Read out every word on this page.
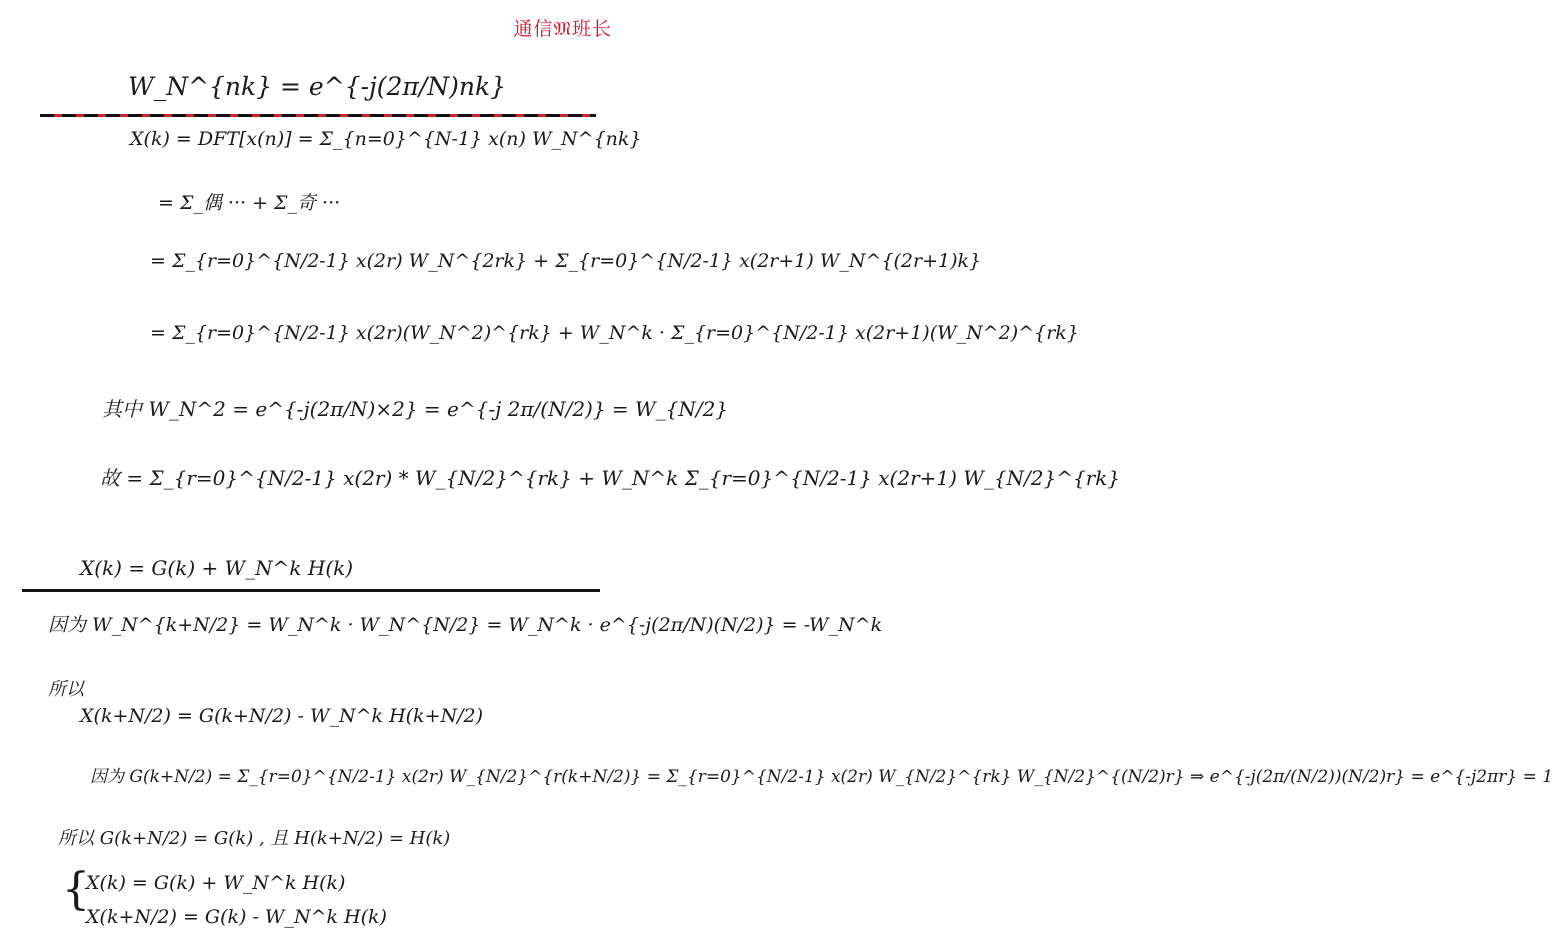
通信𝔐班长
W_N^{nk} = e^{-j(2π/N)nk}
X(k) = DFT[x(n)] = Σ_{n=0}^{N-1} x(n) W_N^{nk}
= Σ_偶 ··· + Σ_奇 ···
= Σ_{r=0}^{N/2-1} x(2r) W_N^{2rk} + Σ_{r=0}^{N/2-1} x(2r+1) W_N^{(2r+1)k}
= Σ_{r=0}^{N/2-1} x(2r)(W_N^2)^{rk} + W_N^k · Σ_{r=0}^{N/2-1} x(2r+1)(W_N^2)^{rk}
其中 W_N^2 = e^{-j(2π/N)×2} = e^{-j 2π/(N/2)} = W_{N/2}
故 = Σ_{r=0}^{N/2-1} x(2r) * W_{N/2}^{rk} + W_N^k Σ_{r=0}^{N/2-1} x(2r+1) W_{N/2}^{rk}
X(k) = G(k) + W_N^k H(k)
因为 W_N^{k+N/2} = W_N^k · W_N^{N/2} = W_N^k · e^{-j(2π/N)(N/2)} = -W_N^k
所以
X(k+N/2) = G(k+N/2) - W_N^k H(k+N/2)
因为 G(k+N/2) = Σ_{r=0}^{N/2-1} x(2r) W_{N/2}^{r(k+N/2)} = Σ_{r=0}^{N/2-1} x(2r) W_{N/2}^{rk} W_{N/2}^{(N/2)r} ⇒ e^{-j(2π/(N/2))(N/2)r} = e^{-j2πr} = 1
所以 G(k+N/2) = G(k) , 且 H(k+N/2) = H(k)
{
X(k) = G(k) + W_N^k H(k)
X(k+N/2) = G(k) - W_N^k H(k)
